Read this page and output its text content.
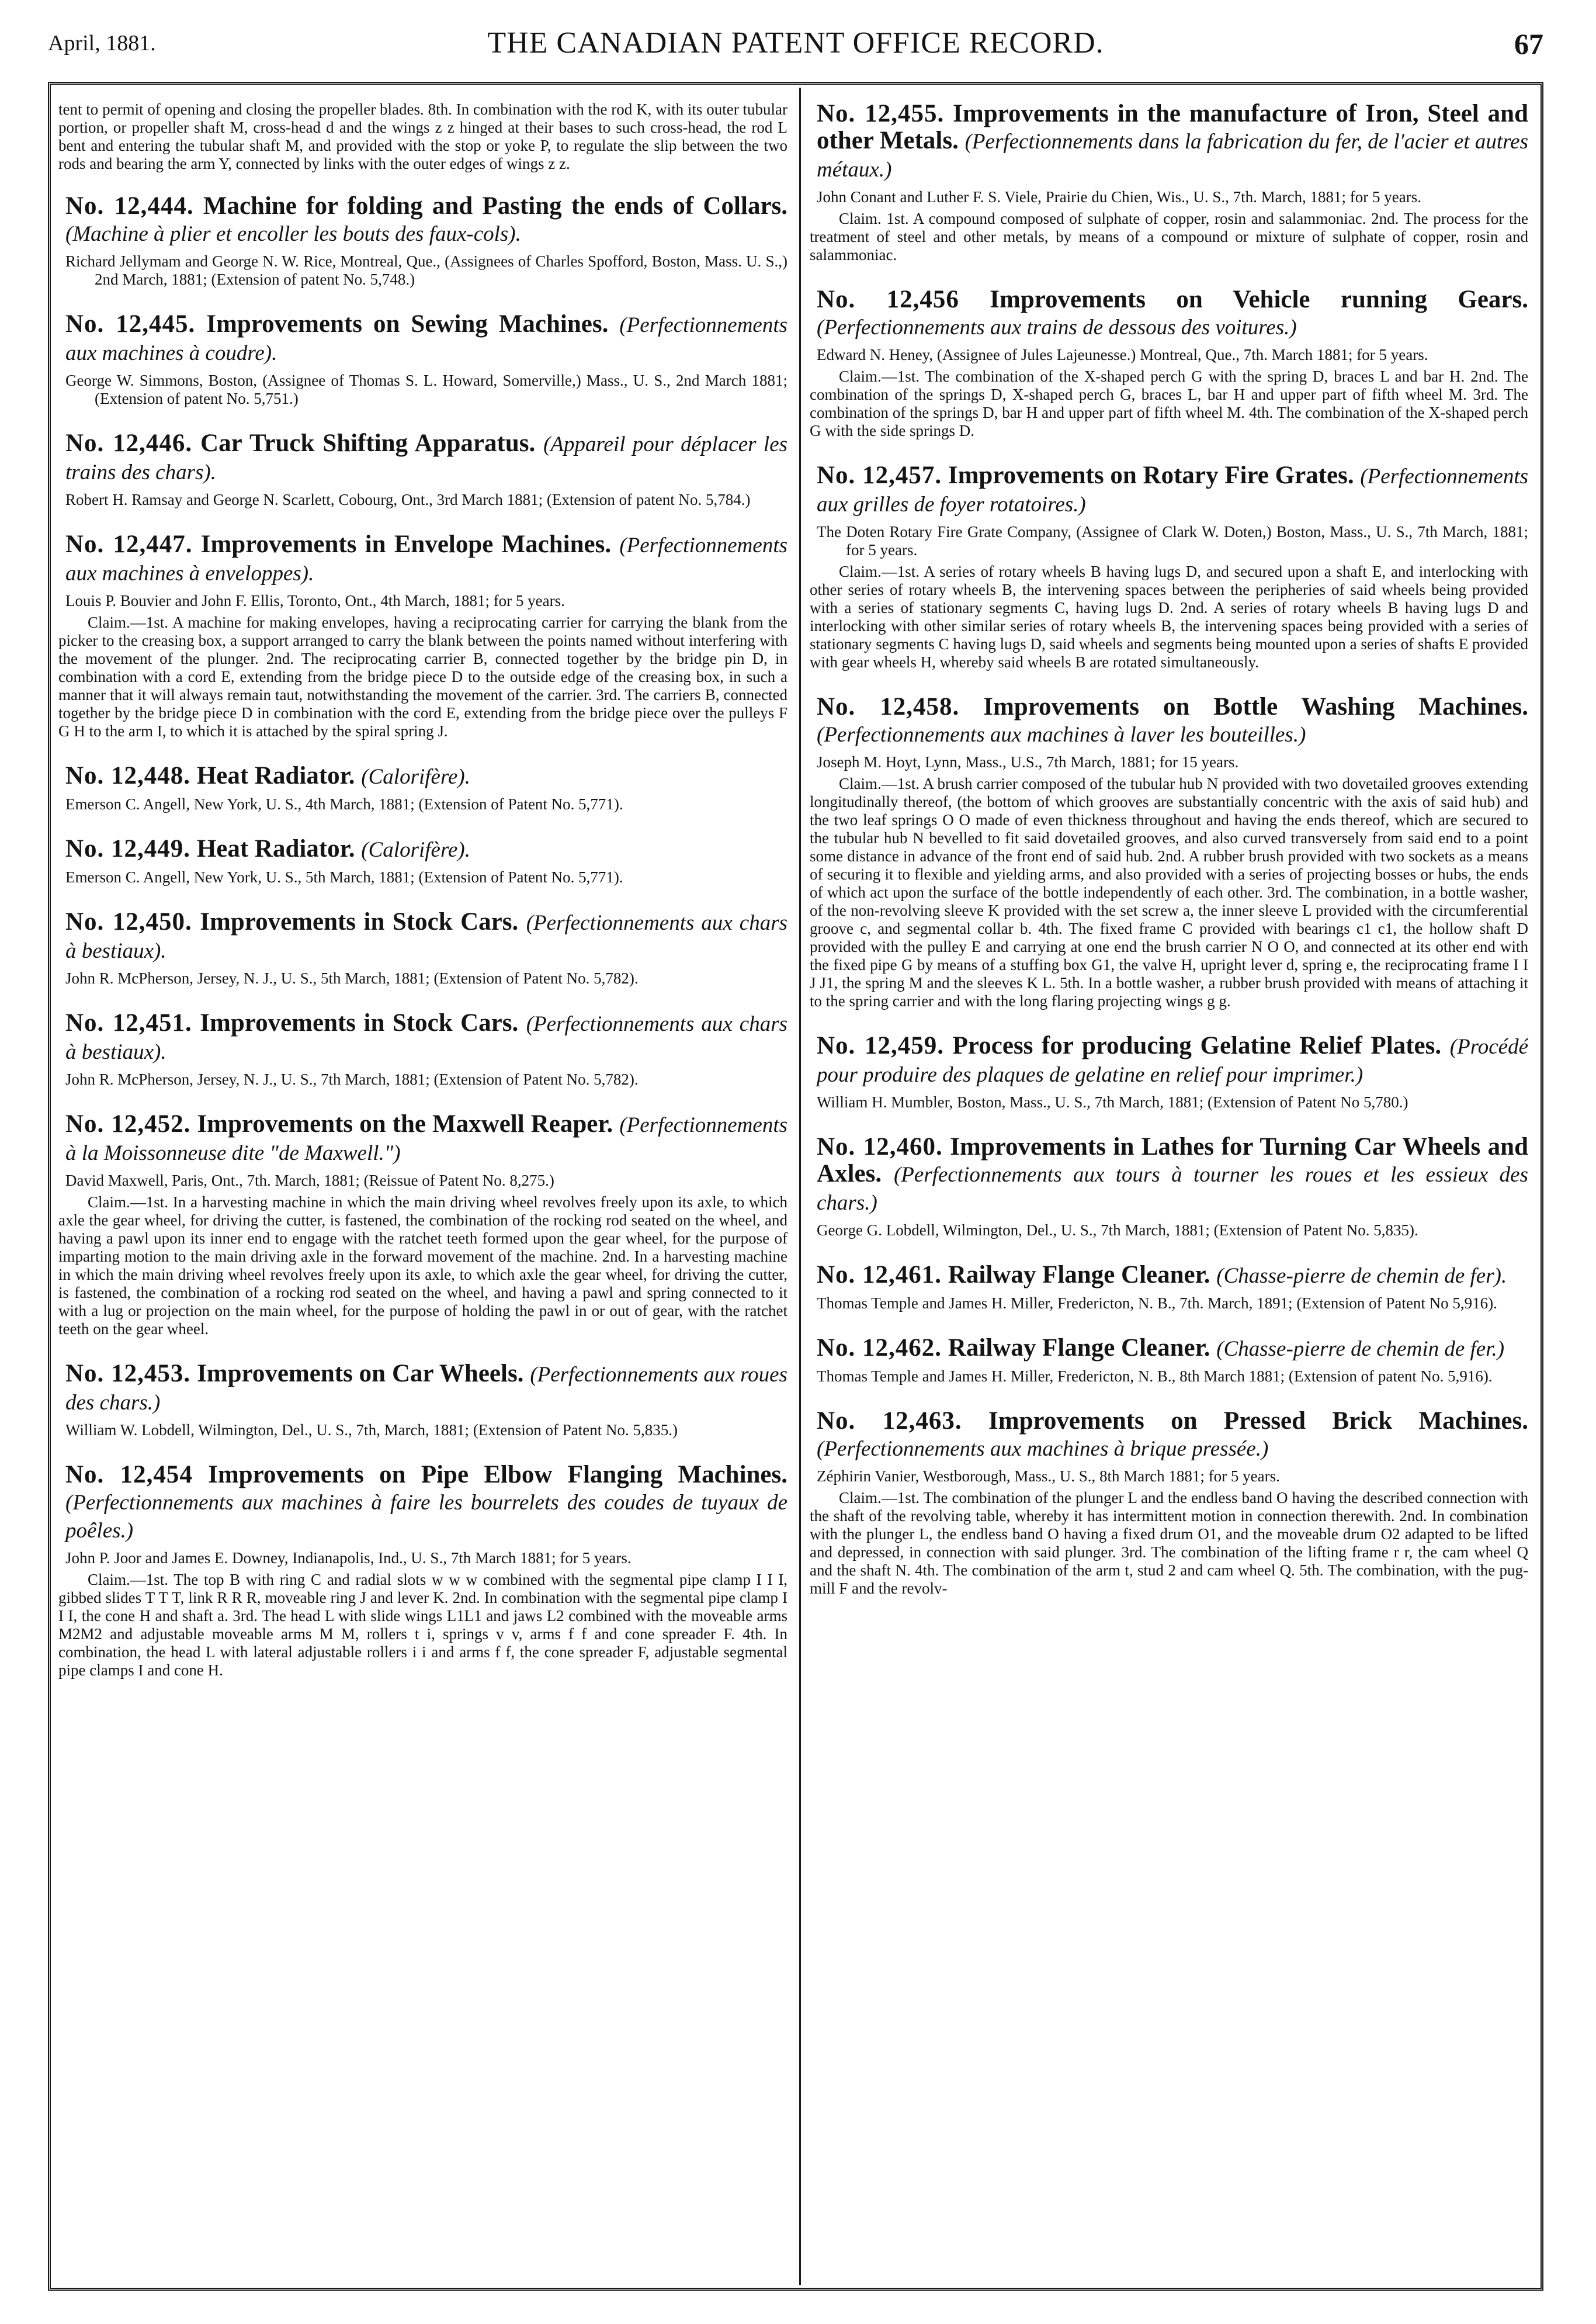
April, 1881.	THE CANADIAN PATENT OFFICE RECORD.	67

tent to permit of opening and closing the propeller blades. 8th. In combination with the rod K, with its outer tubular portion, or propeller shaft M, cross-head d and the wings z z hinged at their bases to such cross-head, the rod L bent and entering the tubular shaft M, and provided with the stop or yoke P, to regulate the slip between the two rods and bearing the arm Y, connected by links with the outer edges of wings z z.

No. 12,444. Machine for folding and Pasting the ends of Collars. (Machine à plier et encoller les bouts des faux-cols).

Richard Jellymam and George N. W. Rice, Montreal, Que., (Assignees of Charles Spofford, Boston, Mass. U. S.,) 2nd March, 1881; (Extension of patent No. 5,748.)

No. 12,445. Improvements on Sewing Machines. (Perfectionnements aux machines à coudre).

George W. Simmons, Boston, (Assignee of Thomas S. L. Howard, Somerville,) Mass., U. S., 2nd March 1881; (Extension of patent No. 5,751.)

No. 12,446. Car Truck Shifting Apparatus. (Appareil pour déplacer les trains des chars).

Robert H. Ramsay and George N. Scarlett, Cobourg, Ont., 3rd March 1881; (Extension of patent No. 5,784.)

No. 12,447. Improvements in Envelope Machines. (Perfectionnements aux machines à enveloppes).

Louis P. Bouvier and John F. Ellis, Toronto, Ont., 4th March, 1881; for 5 years.

Claim.—1st. A machine for making envelopes, having a reciprocating carrier for carrying the blank from the picker to the creasing box, a support arranged to carry the blank between the points named without interfering with the movement of the plunger. 2nd. The reciprocating carrier B, connected together by the bridge pin D, in combination with a cord E, extending from the bridge piece D to the outside edge of the creasing box, in such a manner that it will always remain taut, notwithstanding the movement of the carrier. 3rd. The carriers B, connected together by the bridge piece D in combination with the cord E, extending from the bridge piece over the pulleys F G H to the arm I, to which it is attached by the spiral spring J.

No. 12,448. Heat Radiator. (Calorifère).

Emerson C. Angell, New York, U. S., 4th March, 1881; (Extension of Patent No. 5,771).

No. 12,449. Heat Radiator. (Calorifère).

Emerson C. Angell, New York, U. S., 5th March, 1881; (Extension of Patent No. 5,771).

No. 12,450. Improvements in Stock Cars. (Perfectionnements aux chars à bestiaux).

John R. McPherson, Jersey, N. J., U. S., 5th March, 1881; (Extension of Patent No. 5,782).

No. 12,451. Improvements in Stock Cars. (Perfectionnements aux chars à bestiaux).

John R. McPherson, Jersey, N. J., U. S., 7th March, 1881; (Extension of Patent No. 5,782).

No. 12,452. Improvements on the Maxwell Reaper. (Perfectionnements à la Moissonneuse dite "de Maxwell.")

David Maxwell, Paris, Ont., 7th. March, 1881; (Reissue of Patent No. 8,275.)

Claim.—1st. In a harvesting machine in which the main driving wheel revolves freely upon its axle, to which axle the gear wheel, for driving the cutter, is fastened, the combination of the rocking rod seated on the wheel, and having a pawl upon its inner end to engage with the ratchet teeth formed upon the gear wheel, for the purpose of imparting motion to the main driving axle in the forward movement of the machine. 2nd. In a harvesting machine in which the main driving wheel revolves freely upon its axle, to which axle the gear wheel, for driving the cutter, is fastened, the combination of a rocking rod seated on the wheel, and having a pawl and spring connected to it with a lug or projection on the main wheel, for the purpose of holding the pawl in or out of gear, with the ratchet teeth on the gear wheel.

No. 12,453. Improvements on Car Wheels. (Perfectionnements aux roues des chars.)

William W. Lobdell, Wilmington, Del., U. S., 7th, March, 1881; (Extension of Patent No. 5,835.)

No. 12,454 Improvements on Pipe Elbow Flanging Machines. (Perfectionnements aux machines à faire les bourrelets des coudes de tuyaux de poêles.)

John P. Joor and James E. Downey, Indianapolis, Ind., U. S., 7th March 1881; for 5 years.

Claim.—1st. The top B with ring C and radial slots w w w combined with the segmental pipe clamp I I I, gibbed slides T T T, link R R R, moveable ring J and lever K. 2nd. In combination with the segmental pipe clamp I I I, the cone H and shaft a. 3rd. The head L with slide wings L1L1 and jaws L2 combined with the moveable arms M2M2 and adjustable moveable arms M M, rollers t i, springs v v, arms f f and cone spreader F. 4th. In combination, the head L with lateral adjustable rollers i i and arms f f, the cone spreader F, adjustable segmental pipe clamps I and cone H.

No. 12,455. Improvements in the manufacture of Iron, Steel and other Metals. (Perfectionnements dans la fabrication du fer, de l'acier et autres métaux.)

John Conant and Luther F. S. Viele, Prairie du Chien, Wis., U. S., 7th. March, 1881; for 5 years.

Claim. 1st. A compound composed of sulphate of copper, rosin and salammoniac. 2nd. The process for the treatment of steel and other metals, by means of a compound or mixture of sulphate of copper, rosin and salammoniac.

No. 12,456 Improvements on Vehicle running Gears. (Perfectionnements aux trains de dessous des voitures.)

Edward N. Heney, (Assignee of Jules Lajeunesse.) Montreal, Que., 7th. March 1881; for 5 years.

Claim.—1st. The combination of the X-shaped perch G with the spring D, braces L and bar H. 2nd. The combination of the springs D, X-shaped perch G, braces L, bar H and upper part of fifth wheel M. 3rd. The combination of the springs D, bar H and upper part of fifth wheel M. 4th. The combination of the X-shaped perch G with the side springs D.

No. 12,457. Improvements on Rotary Fire Grates. (Perfectionnements aux grilles de foyer rotatoires.)

The Doten Rotary Fire Grate Company, (Assignee of Clark W. Doten,) Boston, Mass., U. S., 7th March, 1881; for 5 years.

Claim.—1st. A series of rotary wheels B having lugs D, and secured upon a shaft E, and interlocking with other series of rotary wheels B, the intervening spaces between the peripheries of said wheels being provided with a series of stationary segments C, having lugs D. 2nd. A series of rotary wheels B having lugs D and interlocking with other similar series of rotary wheels B, the intervening spaces being provided with a series of stationary segments C having lugs D, said wheels and segments being mounted upon a series of shafts E provided with gear wheels H, whereby said wheels B are rotated simultaneously.

No. 12,458. Improvements on Bottle Washing Machines. (Perfectionnements aux machines à laver les bouteilles.)

Joseph M. Hoyt, Lynn, Mass., U.S., 7th March, 1881; for 15 years.

Claim.—1st. A brush carrier composed of the tubular hub N provided with two dovetailed grooves extending longitudinally thereof, (the bottom of which grooves are substantially concentric with the axis of said hub) and the two leaf springs O O made of even thickness throughout and having the ends thereof, which are secured to the tubular hub N bevelled to fit said dovetailed grooves, and also curved transversely from said end to a point some distance in advance of the front end of said hub. 2nd. A rubber brush provided with two sockets as a means of securing it to flexible and yielding arms, and also provided with a series of projecting bosses or hubs, the ends of which act upon the surface of the bottle independently of each other. 3rd. The combination, in a bottle washer, of the non-revolving sleeve K provided with the set screw a, the inner sleeve L provided with the circumferential groove c, and segmental collar b. 4th. The fixed frame C provided with bearings c1 c1, the hollow shaft D provided with the pulley E and carrying at one end the brush carrier N O O, and connected at its other end with the fixed pipe G by means of a stuffing box G1, the valve H, upright lever d, spring e, the reciprocating frame I I J J1, the spring M and the sleeves K L. 5th. In a bottle washer, a rubber brush provided with means of attaching it to the spring carrier and with the long flaring projecting wings g g.

No. 12,459. Process for producing Gelatine Relief Plates. (Procédé pour produire des plaques de gelatine en relief pour imprimer.)

William H. Mumbler, Boston, Mass., U. S., 7th March, 1881; (Extension of Patent No 5,780.)

No. 12,460. Improvements in Lathes for Turning Car Wheels and Axles. (Perfectionnements aux tours à tourner les roues et les essieux des chars.)

George G. Lobdell, Wilmington, Del., U. S., 7th March, 1881; (Extension of Patent No. 5,835).

No. 12,461. Railway Flange Cleaner. (Chasse-pierre de chemin de fer).

Thomas Temple and James H. Miller, Fredericton, N. B., 7th. March, 1891; (Extension of Patent No 5,916).

No. 12,462. Railway Flange Cleaner. (Chasse-pierre de chemin de fer.)

Thomas Temple and James H. Miller, Fredericton, N. B., 8th March 1881; (Extension of patent No. 5,916).

No. 12,463. Improvements on Pressed Brick Machines. (Perfectionnements aux machines à brique pressée.)

Zéphirin Vanier, Westborough, Mass., U. S., 8th March 1881; for 5 years.

Claim.—1st. The combination of the plunger L and the endless band O having the described connection with the shaft of the revolving table, whereby it has intermittent motion in connection therewith. 2nd. In combination with the plunger L, the endless band O having a fixed drum O1, and the moveable drum O2 adapted to be lifted and depressed, in connection with said plunger. 3rd. The combination of the lifting frame r r, the cam wheel Q and the shaft N. 4th. The combination of the arm t, stud 2 and cam wheel Q. 5th. The combination, with the pug-mill F and the revolv-
